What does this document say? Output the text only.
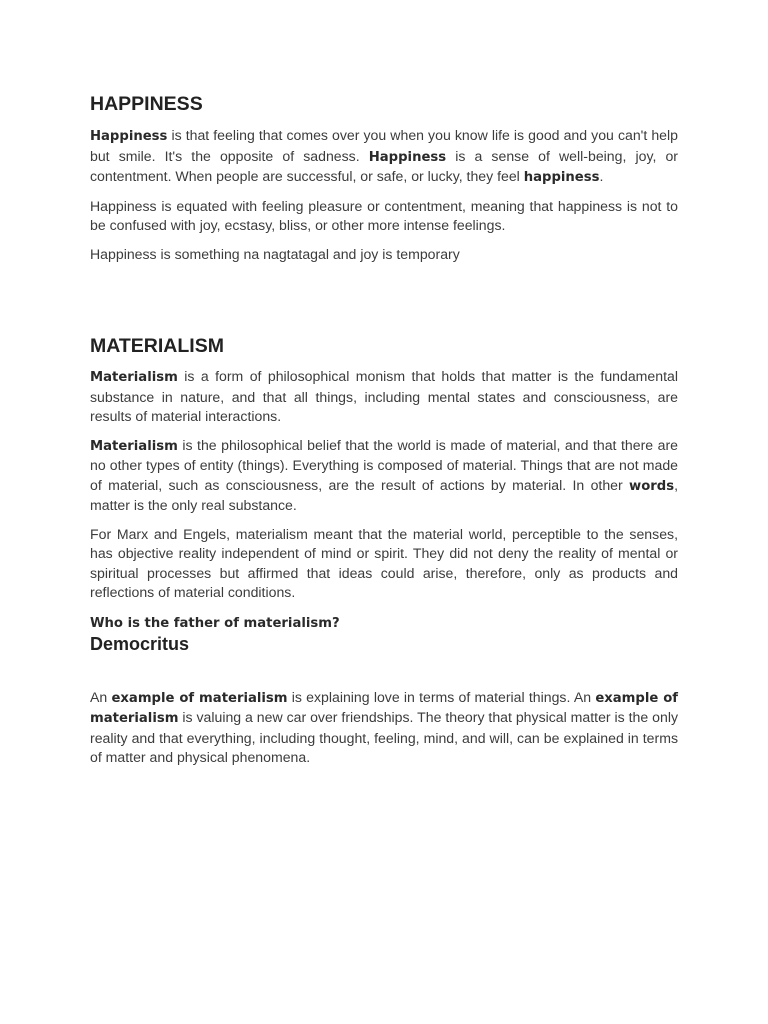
HAPPINESS

Happiness is that feeling that comes over you when you know life is good and you can't help but smile. It's the opposite of sadness. Happiness is a sense of well-being, joy, or contentment. When people are successful, or safe, or lucky, they feel happiness.

Happiness is equated with feeling pleasure or contentment, meaning that happiness is not to be confused with joy, ecstasy, bliss, or other more intense feelings.

Happiness is something na nagtatagal and joy is temporary

MATERIALISM

Materialism is a form of philosophical monism that holds that matter is the fundamental substance in nature, and that all things, including mental states and consciousness, are results of material interactions.

Materialism is the philosophical belief that the world is made of material, and that there are no other types of entity (things). Everything is composed of material. Things that are not made of material, such as consciousness, are the result of actions by material. In other words, matter is the only real substance.

For Marx and Engels, materialism meant that the material world, perceptible to the senses, has objective reality independent of mind or spirit. They did not deny the reality of mental or spiritual processes but affirmed that ideas could arise, therefore, only as products and reflections of material conditions.

Who is the father of materialism?
Democritus

An example of materialism is explaining love in terms of material things. An example of materialism is valuing a new car over friendships. The theory that physical matter is the only reality and that everything, including thought, feeling, mind, and will, can be explained in terms of matter and physical phenomena.
